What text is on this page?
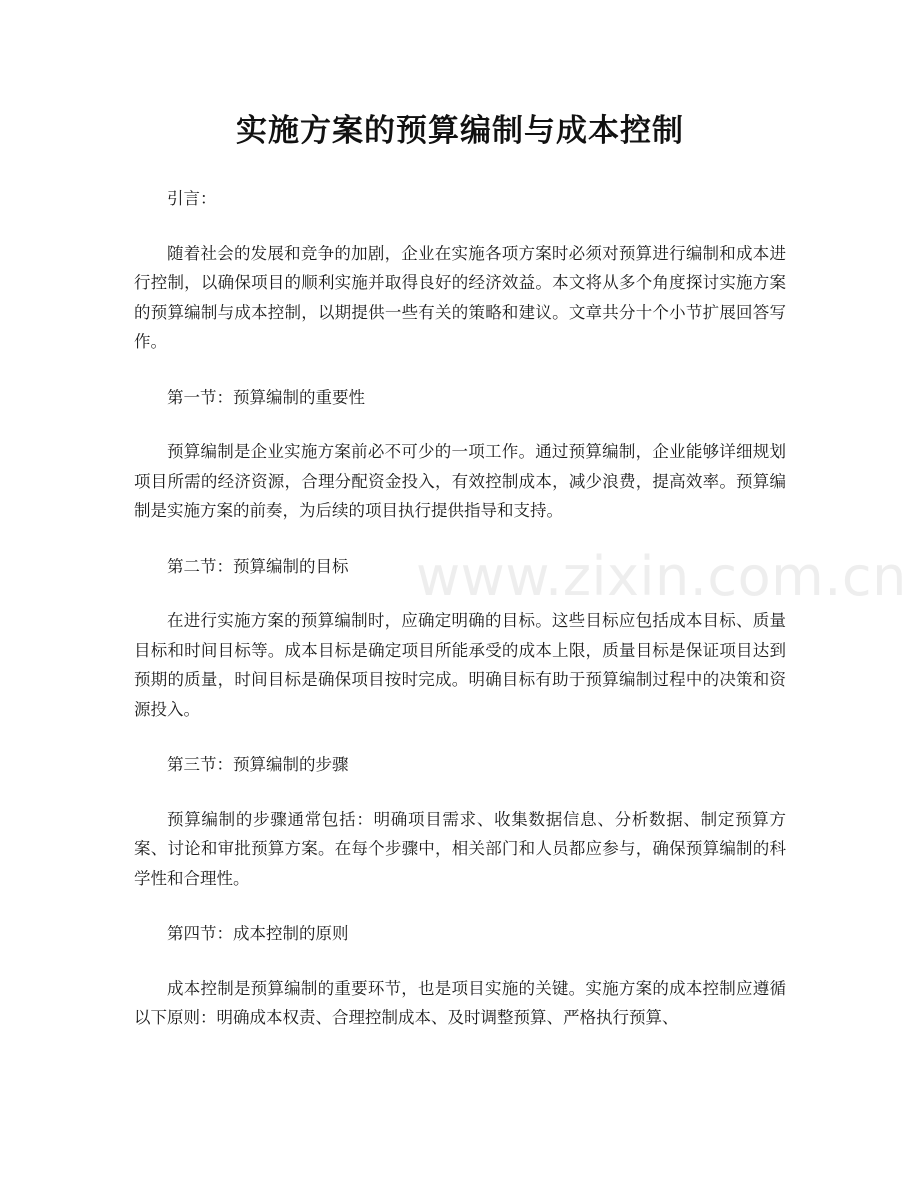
实施方案的预算编制与成本控制

引言：

随着社会的发展和竞争的加剧，企业在实施各项方案时必须对预算进行编制和成本进行控制，以确保项目的顺利实施并取得良好的经济效益。本文将从多个角度探讨实施方案的预算编制与成本控制，以期提供一些有关的策略和建议。文章共分十个小节扩展回答写作。

第一节：预算编制的重要性

预算编制是企业实施方案前必不可少的一项工作。通过预算编制，企业能够详细规划项目所需的经济资源，合理分配资金投入，有效控制成本，减少浪费，提高效率。预算编制是实施方案的前奏，为后续的项目执行提供指导和支持。

第二节：预算编制的目标

在进行实施方案的预算编制时，应确定明确的目标。这些目标应包括成本目标、质量目标和时间目标等。成本目标是确定项目所能承受的成本上限，质量目标是保证项目达到预期的质量，时间目标是确保项目按时完成。明确目标有助于预算编制过程中的决策和资源投入。

第三节：预算编制的步骤

预算编制的步骤通常包括：明确项目需求、收集数据信息、分析数据、制定预算方案、讨论和审批预算方案。在每个步骤中，相关部门和人员都应参与，确保预算编制的科学性和合理性。

第四节：成本控制的原则

成本控制是预算编制的重要环节，也是项目实施的关键。实施方案的成本控制应遵循以下原则：明确成本权责、合理控制成本、及时调整预算、严格执行预算、

www.zixin.com.cn
